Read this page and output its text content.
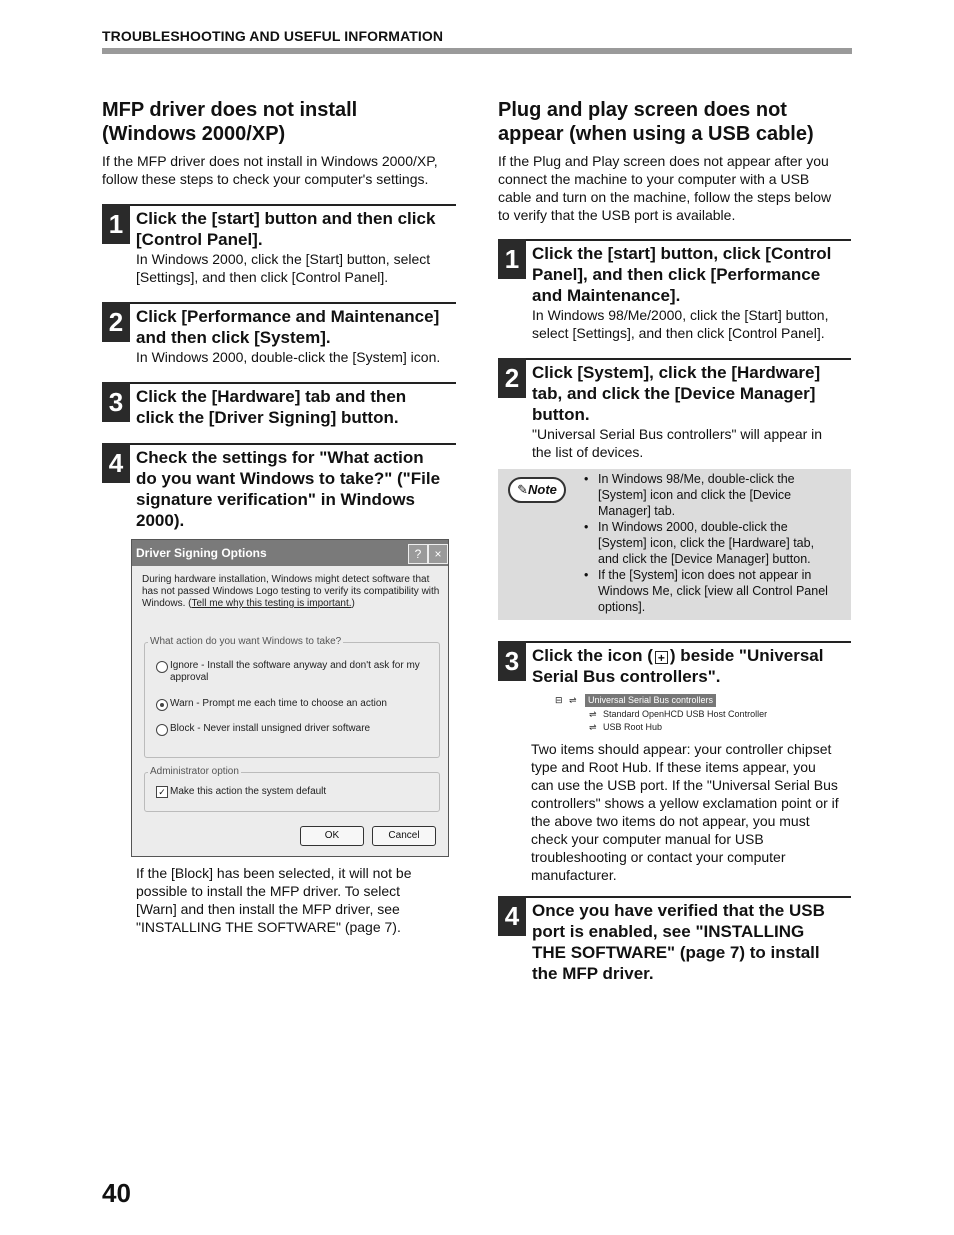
TROUBLESHOOTING AND USEFUL INFORMATION
MFP driver does not install
(Windows 2000/XP)
If the MFP driver does not install in Windows 2000/XP,
follow these steps to check your computer's settings.
1 Click the [start] button and then click
[Control Panel].
In Windows 2000, click the [Start] button, select
[Settings], and then click [Control Panel].
2 Click [Performance and Maintenance]
and then click [System].
In Windows 2000, double-click the [System] icon.
3 Click the [Hardware] tab and then
click the [Driver Signing] button.
4 Check the settings for "What action
do you want Windows to take?" ("File
signature verification" in Windows
2000).
Driver Signing Options	?	×
During hardware installation, Windows might detect software that
has not passed Windows Logo testing to verify its compatibility with
Windows. (Tell me why this testing is important.)
What action do you want Windows to take?
Ignore - Install the software anyway and don't ask for my
approval
Warn - Prompt me each time to choose an action
Block - Never install unsigned driver software
Administrator option
✓ Make this action the system default
OK	Cancel
If the [Block] has been selected, it will not be
possible to install the MFP driver. To select
[Warn] and then install the MFP driver, see
"INSTALLING THE SOFTWARE" (page 7).
Plug and play screen does not
appear (when using a USB cable)
If the Plug and Play screen does not appear after you
connect the machine to your computer with a USB
cable and turn on the machine, follow the steps below
to verify that the USB port is available.
1 Click the [start] button, click [Control
Panel], and then click [Performance
and Maintenance].
In Windows 98/Me/2000, click the [Start] button,
select [Settings], and then click [Control Panel].
2 Click [System], click the [Hardware]
tab, and click the [Device Manager]
button.
"Universal Serial Bus controllers" will appear in
the list of devices.
✎Note
• In Windows 98/Me, double-click the
[System] icon and click the [Device
Manager] tab.
• In Windows 2000, double-click the
[System] icon, click the [Hardware] tab,
and click the [Device Manager] button.
• If the [System] icon does not appear in
Windows Me, click [view all Control Panel
options].
3 Click the icon ( + ) beside "Universal
Serial Bus controllers".
⊟ ⇌	Universal Serial Bus controllers
⇌ Standard OpenHCD USB Host Controller
⇌ USB Root Hub
Two items should appear: your controller chipset
type and Root Hub. If these items appear, you
can use the USB port. If the "Universal Serial Bus
controllers" shows a yellow exclamation point or if
the above two items do not appear, you must
check your computer manual for USB
troubleshooting or contact your computer
manufacturer.
4 Once you have verified that the USB
port is enabled, see "INSTALLING
THE SOFTWARE" (page 7) to install
the MFP driver.
40
